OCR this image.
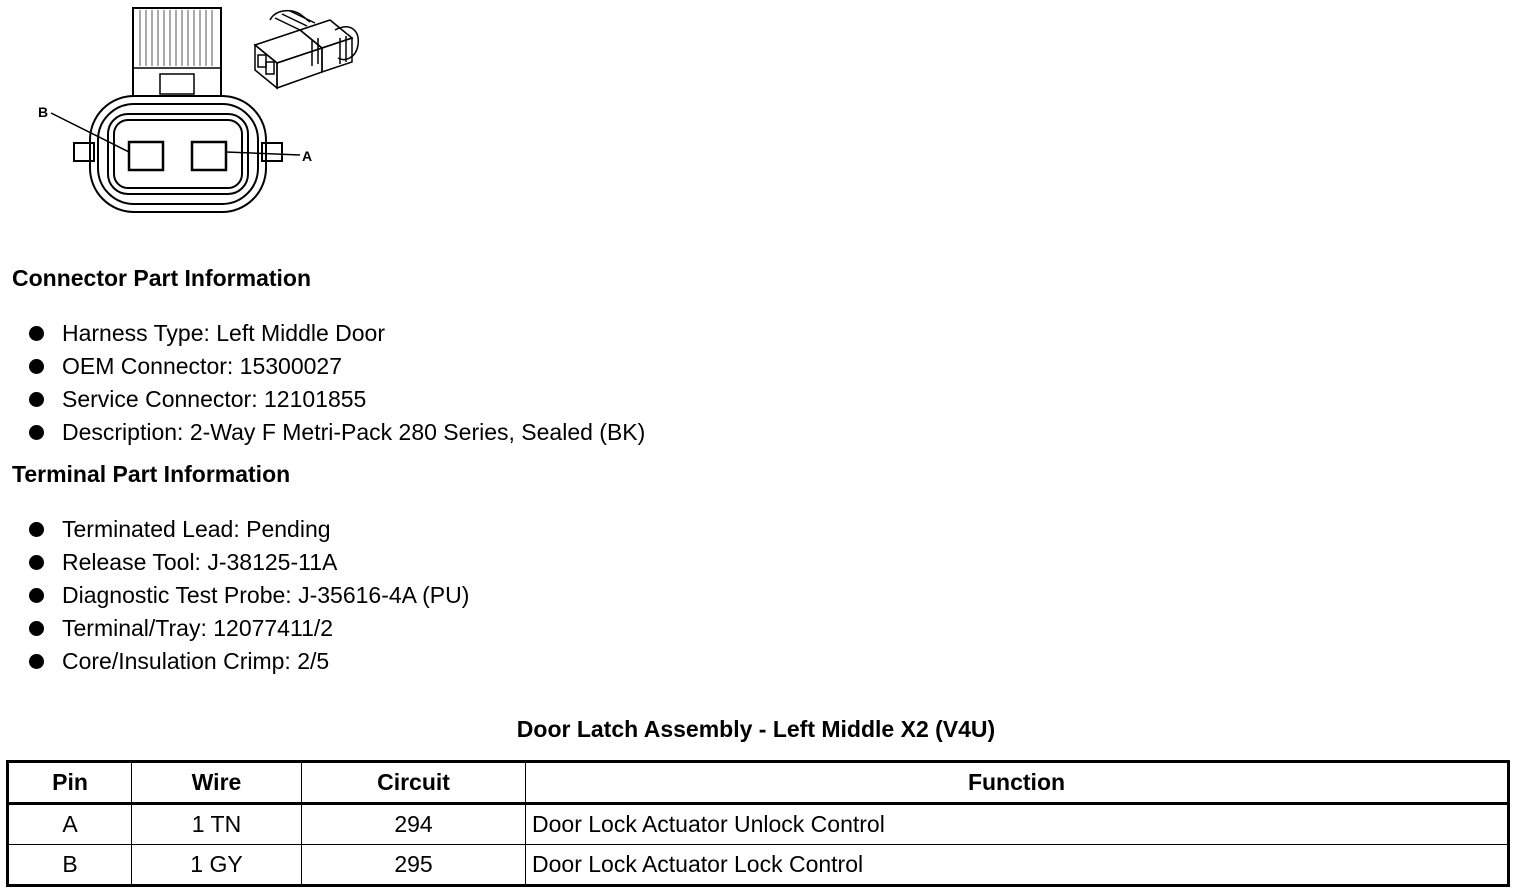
B
A
Connector Part Information
Harness Type: Left Middle Door
OEM Connector: 15300027
Service Connector: 12101855
Description: 2-Way F Metri-Pack 280 Series, Sealed (BK)
Terminal Part Information
Terminated Lead: Pending
Release Tool: J-38125-11A
Diagnostic Test Probe: J-35616-4A (PU)
Terminal/Tray: 12077411/2
Core/Insulation Crimp: 2/5
Door Latch Assembly - Left Middle X2 (V4U)
Pin	Wire	Circuit	Function
A	1 TN	294	Door Lock Actuator Unlock Control
B	1 GY	295	Door Lock Actuator Lock Control
